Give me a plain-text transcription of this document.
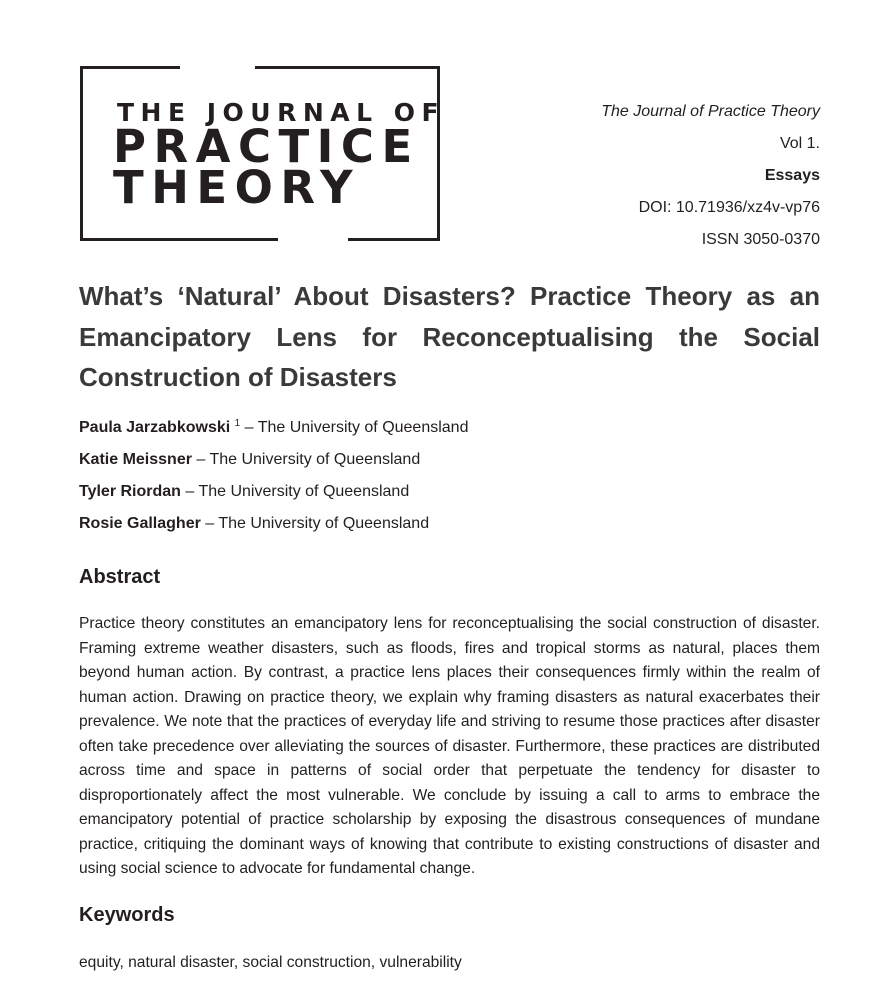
THE JOURNAL OF
PRACTICE
THEORY
The Journal of Practice Theory
Vol 1.
Essays
DOI: 10.71936/xz4v-vp76
ISSN 3050-0370
What’s ‘Natural’ About Disasters? Practice Theory as an Emancipatory Lens for Reconceptualising the Social Construction of Disasters
Paula Jarzabkowski $^1$ – The University of Queensland
Katie Meissner – The University of Queensland
Tyler Riordan – The University of Queensland
Rosie Gallagher – The University of Queensland
Abstract

Practice theory constitutes an emancipatory lens for reconceptualising the social construction of disaster. Framing extreme weather disasters, such as floods, fires and tropical storms as natural, places them beyond human action. By contrast, a practice lens places their consequences firmly within the realm of human action. Drawing on practice theory, we explain why framing disasters as natural exacerbates their prevalence. We note that the practices of everyday life and striving to resume those practices after disaster often take precedence over alleviating the sources of disaster. Furthermore, these practices are distributed across time and space in patterns of social order that perpetuate the tendency for disaster to disproportionately affect the most vulnerable. We conclude by issuing a call to arms to embrace the emancipatory potential of practice scholarship by exposing the disastrous consequences of mundane practice, critiquing the dominant ways of knowing that contribute to existing constructions of disaster and using social science to advocate for fundamental change.

Keywords

equity, natural disaster, social construction, vulnerability
